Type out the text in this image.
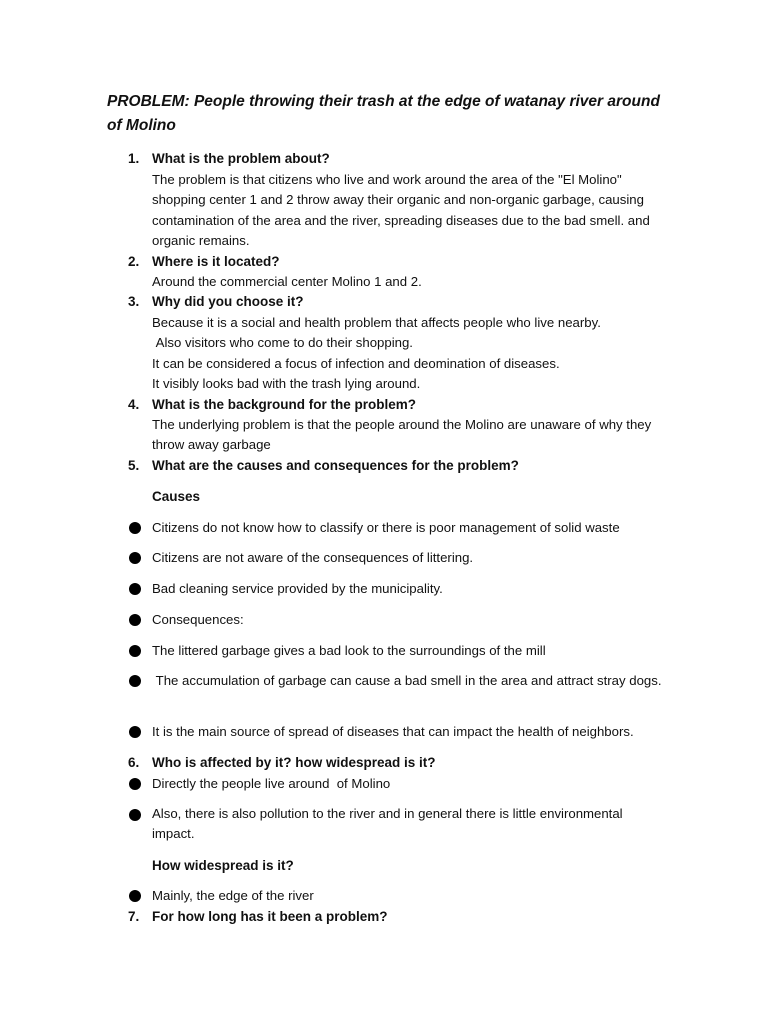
PROBLEM: People throwing their trash at the edge of watanay river around of Molino
1. What is the problem about?
The problem is that citizens who live and work around the area of the "El Molino" shopping center 1 and 2 throw away their organic and non-organic garbage, causing contamination of the area and the river, spreading diseases due to the bad smell. and organic remains.
2. Where is it located?
Around the commercial center Molino 1 and 2.
3. Why did you choose it?
Because it is a social and health problem that affects people who live nearby.
Also visitors who come to do their shopping.
It can be considered a focus of infection and deomination of diseases.
It visibly looks bad with the trash lying around.
4. What is the background for the problem?
The underlying problem is that the people around the Molino are unaware of why they throw away garbage
5. What are the causes and consequences for the problem?
Causes
Citizens do not know how to classify or there is poor management of solid waste
Citizens are not aware of the consequences of littering.
Bad cleaning service provided by the municipality.
Consequences:
The littered garbage gives a bad look to the surroundings of the mill
The accumulation of garbage can cause a bad smell in the area and attract stray dogs.
It is the main source of spread of diseases that can impact the health of neighbors.
6. Who is affected by it? how widespread is it?
Directly the people live around  of Molino
Also, there is also pollution to the river and in general there is little environmental impact.
How widespread is it?
Mainly, the edge of the river
7. For how long has it been a problem?
